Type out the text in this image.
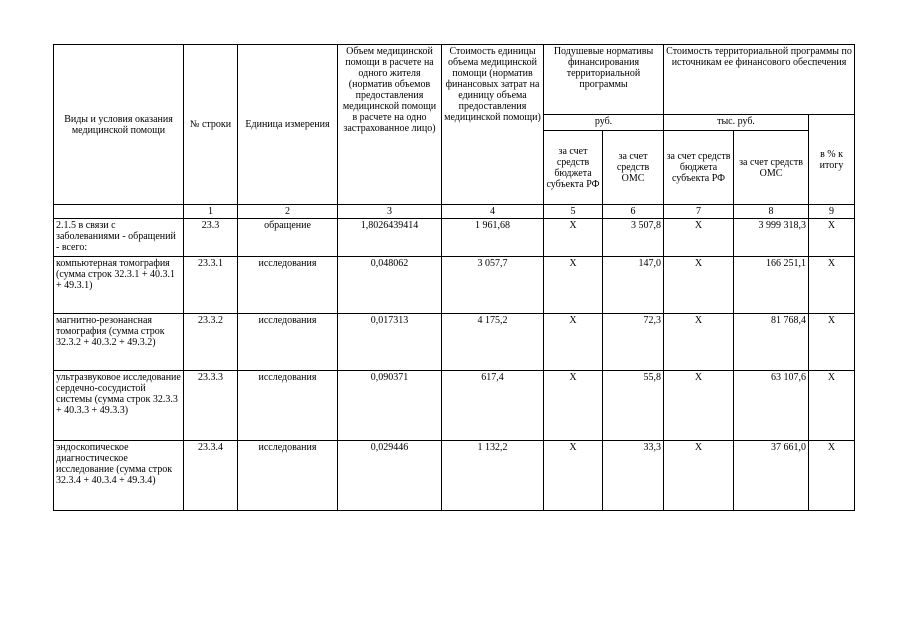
Виды и условия оказания медицинской помощи	№ строки	Единица измерения	Объем медицинской помощи в расчете на одного жителя (норматив объемов предоставления медицинской помощи в расчете на одно застрахованное лицо)	Стоимость единицы объема медицинской помощи (норматив финансовых затрат на единицу объема предоставления медицинской помощи)	Подушевые нормативы финансирования территориальной программы		Стоимость территориальной программы по источникам ее финансового обеспечения		
					руб.		тыс. руб.		в % к итогу
					за счет средств бюджета субъекта РФ	за счет средств ОМС	за счет средств бюджета субъекта РФ	за счет средств ОМС	
	1	2	3	4	5	6	7	8	9
2.1.5 в связи с заболеваниями - обращений - всего:	23.3	обращение	1,8026439414	1 961,68	X	3 507,8	X	3 999 318,3	X
компьютерная томография (сумма строк 32.3.1 + 40.3.1 + 49.3.1)	23.3.1	исследования	0,048062	3 057,7	X	147,0	X	166 251,1	X
магнитно-резонансная томография (сумма строк 32.3.2 + 40.3.2 + 49.3.2)	23.3.2	исследования	0,017313	4 175,2	X	72,3	X	81 768,4	X
ультразвуковое исследование сердечно-сосудистой системы (сумма строк 32.3.3 + 40.3.3 + 49.3.3)	23.3.3	исследования	0,090371	617,4	X	55,8	X	63 107,6	X
эндоскопическое диагностическое исследование (сумма строк 32.3.4 + 40.3.4 + 49.3.4)	23.3.4	исследования	0,029446	1 132,2	X	33,3	X	37 661,0	X
